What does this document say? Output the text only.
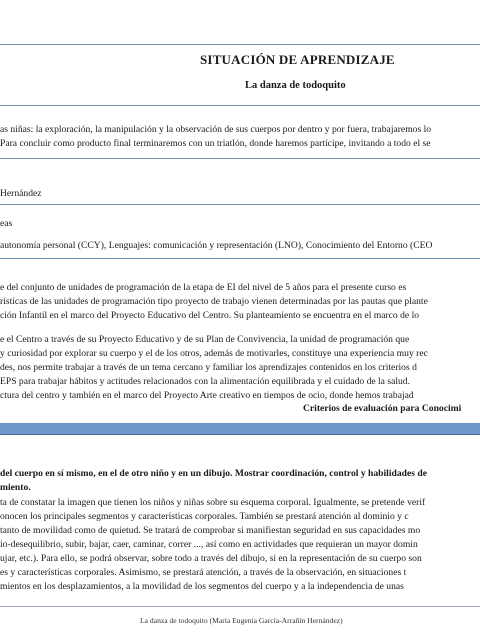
SITUACIÓN DE APRENDIZAJE
La danza de todoquito
as niñas: la exploración, la manipulación y la observación de sus cuerpos por dentro y por fuera, trabajaremos lo
Para concluir como producto final terminaremos con un triatlón, donde haremos partícipe, invitando a todo el se
Hernández
eas
autonomía personal (CCY), Lenguajes: comunicación y representación (LNO), Conocimiento del Entorno (CEO
e del conjunto de unidades de programación de la etapa de EI del nivel de 5 años para el presente curso es
rísticas de las unidades de programación tipo proyecto de trabajo vienen determinadas por las pautas que plante
ción Infantil en el marco del Proyecto Educativo del Centro. Su planteamiento se encuentra en el marco de lo
e el Centro a través de su Proyecto Educativo y de su Plan de Convivencia, la unidad de programación que
y curiosidad por explorar su cuerpo y el de los otros, además de motivarles, constituye una experiencia muy rec
des, nos permite trabajar a través de un tema cercano y familiar los aprendizajes contenidos en los criterios d
EPS para trabajar hábitos y actitudes relacionados con la alimentación equilibrada y el cuidado de la salud.
ctura del centro y también en el marco del Proyecto Arte creativo en tiempos de ocio, donde hemos trabajad
Criterios de evaluación para Conocimi
del cuerpo en sí mismo, en el de otro niño y en un dibujo. Mostrar coordinación, control y habilidades de
miento.
ta de constatar la imagen que tienen los niños y niñas sobre su esquema corporal. Igualmente, se pretende verif
onocen los principales segmentos y características corporales. También se prestará atención al dominio y c
tanto de movilidad como de quietud. Se tratará de comprobar si manifiestan seguridad en sus capacidades mo
io-desequilibrio, subir, bajar, caer, caminar, correr ..., así como en actividades que requieran un mayor domin
ujar, etc.). Para ello, se podrá observar, sobre todo a través del dibujo, si en la representación de su cuerpo son
es y características corporales. Asimismo, se prestará atención, a través de la observación, en situaciones t
mientos en los desplazamientos, a la movilidad de los segmentos del cuerpo y a la independencia de unas
La danza de todoquito (María Eugenia García-Arrañín Hernández)
